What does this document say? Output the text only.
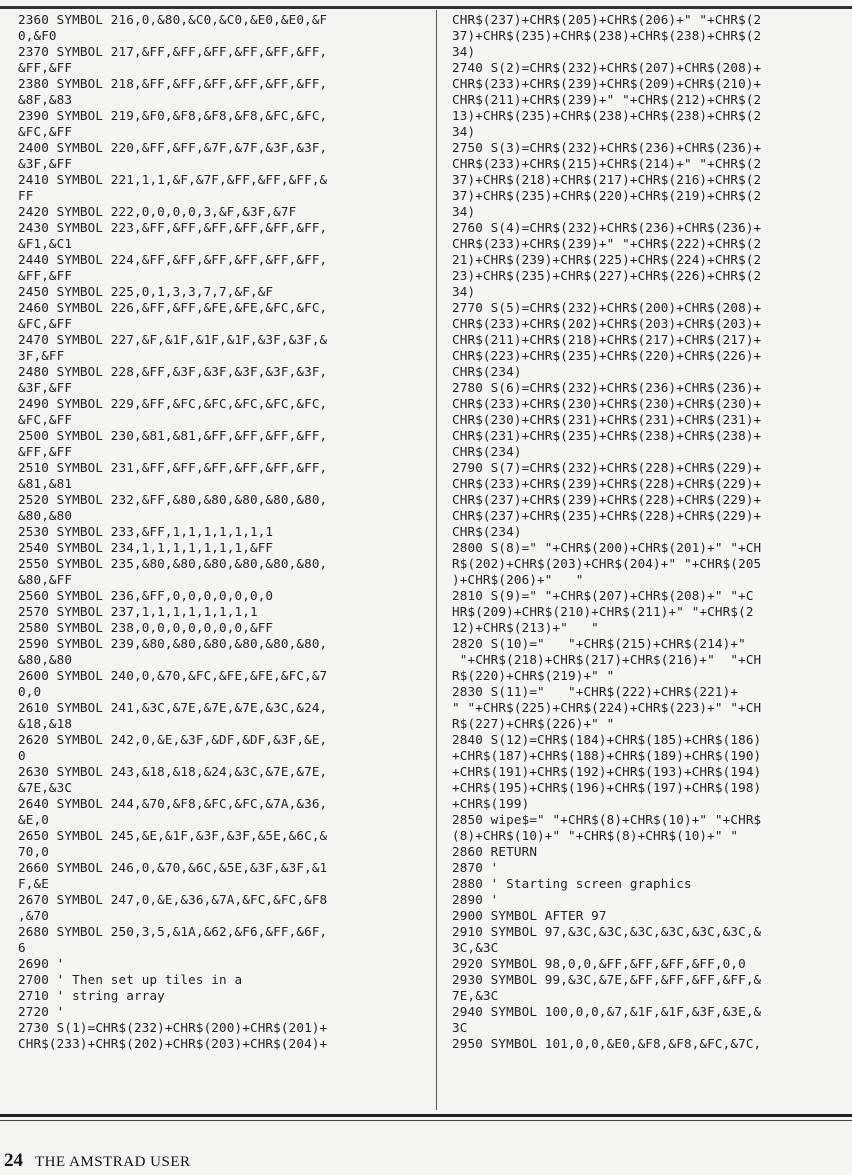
2360 SYMBOL 216,0,&80,&C0,&C0,&E0,&E0,&F
0,&F0
2370 SYMBOL 217,&FF,&FF,&FF,&FF,&FF,&FF,
&FF,&FF
2380 SYMBOL 218,&FF,&FF,&FF,&FF,&FF,&FF,
&8F,&83
2390 SYMBOL 219,&F0,&F8,&F8,&F8,&FC,&FC,
&FC,&FF
2400 SYMBOL 220,&FF,&FF,&7F,&7F,&3F,&3F,
&3F,&FF
2410 SYMBOL 221,1,1,&F,&7F,&FF,&FF,&FF,&
FF
2420 SYMBOL 222,0,0,0,0,3,&F,&3F,&7F
2430 SYMBOL 223,&FF,&FF,&FF,&FF,&FF,&FF,
&F1,&C1
2440 SYMBOL 224,&FF,&FF,&FF,&FF,&FF,&FF,
&FF,&FF
2450 SYMBOL 225,0,1,3,3,7,7,&F,&F
2460 SYMBOL 226,&FF,&FF,&FE,&FE,&FC,&FC,
&FC,&FF
2470 SYMBOL 227,&F,&1F,&1F,&1F,&3F,&3F,&
3F,&FF
2480 SYMBOL 228,&FF,&3F,&3F,&3F,&3F,&3F,
&3F,&FF
2490 SYMBOL 229,&FF,&FC,&FC,&FC,&FC,&FC,
&FC,&FF
2500 SYMBOL 230,&81,&81,&FF,&FF,&FF,&FF,
&FF,&FF
2510 SYMBOL 231,&FF,&FF,&FF,&FF,&FF,&FF,
&81,&81
2520 SYMBOL 232,&FF,&80,&80,&80,&80,&80,
&80,&80
2530 SYMBOL 233,&FF,1,1,1,1,1,1,1
2540 SYMBOL 234,1,1,1,1,1,1,1,&FF
2550 SYMBOL 235,&80,&80,&80,&80,&80,&80,
&80,&FF
2560 SYMBOL 236,&FF,0,0,0,0,0,0,0
2570 SYMBOL 237,1,1,1,1,1,1,1,1
2580 SYMBOL 238,0,0,0,0,0,0,0,&FF
2590 SYMBOL 239,&80,&80,&80,&80,&80,&80,
&80,&80
2600 SYMBOL 240,0,&70,&FC,&FE,&FE,&FC,&7
0,0
2610 SYMBOL 241,&3C,&7E,&7E,&7E,&3C,&24,
&18,&18
2620 SYMBOL 242,0,&E,&3F,&DF,&DF,&3F,&E,
0
2630 SYMBOL 243,&18,&18,&24,&3C,&7E,&7E,
&7E,&3C
2640 SYMBOL 244,&70,&F8,&FC,&FC,&7A,&36,
&E,0
2650 SYMBOL 245,&E,&1F,&3F,&3F,&5E,&6C,&
70,0
2660 SYMBOL 246,0,&70,&6C,&5E,&3F,&3F,&1
F,&E
2670 SYMBOL 247,0,&E,&36,&7A,&FC,&FC,&F8
,&70
2680 SYMBOL 250,3,5,&1A,&62,&F6,&FF,&6F,
6
2690 '
2700 ' Then set up tiles in a
2710 ' string array
2720 '
2730 S(1)=CHR$(232)+CHR$(200)+CHR$(201)+
CHR$(233)+CHR$(202)+CHR$(203)+CHR$(204)+
CHR$(237)+CHR$(205)+CHR$(206)+" "+CHR$(2
37)+CHR$(235)+CHR$(238)+CHR$(238)+CHR$(2
34)
2740 S(2)=CHR$(232)+CHR$(207)+CHR$(208)+
CHR$(233)+CHR$(239)+CHR$(209)+CHR$(210)+
CHR$(211)+CHR$(239)+" "+CHR$(212)+CHR$(2
13)+CHR$(235)+CHR$(238)+CHR$(238)+CHR$(2
34)
2750 S(3)=CHR$(232)+CHR$(236)+CHR$(236)+
CHR$(233)+CHR$(215)+CHR$(214)+" "+CHR$(2
37)+CHR$(218)+CHR$(217)+CHR$(216)+CHR$(2
37)+CHR$(235)+CHR$(220)+CHR$(219)+CHR$(2
34)
2760 S(4)=CHR$(232)+CHR$(236)+CHR$(236)+
CHR$(233)+CHR$(239)+" "+CHR$(222)+CHR$(2
21)+CHR$(239)+CHR$(225)+CHR$(224)+CHR$(2
23)+CHR$(235)+CHR$(227)+CHR$(226)+CHR$(2
34)
2770 S(5)=CHR$(232)+CHR$(200)+CHR$(208)+
CHR$(233)+CHR$(202)+CHR$(203)+CHR$(203)+
CHR$(211)+CHR$(218)+CHR$(217)+CHR$(217)+
CHR$(223)+CHR$(235)+CHR$(220)+CHR$(226)+
CHR$(234)
2780 S(6)=CHR$(232)+CHR$(236)+CHR$(236)+
CHR$(233)+CHR$(230)+CHR$(230)+CHR$(230)+
CHR$(230)+CHR$(231)+CHR$(231)+CHR$(231)+
CHR$(231)+CHR$(235)+CHR$(238)+CHR$(238)+
CHR$(234)
2790 S(7)=CHR$(232)+CHR$(228)+CHR$(229)+
CHR$(233)+CHR$(239)+CHR$(228)+CHR$(229)+
CHR$(237)+CHR$(239)+CHR$(228)+CHR$(229)+
CHR$(237)+CHR$(235)+CHR$(228)+CHR$(229)+
CHR$(234)
2800 S(8)=" "+CHR$(200)+CHR$(201)+" "+CH
R$(202)+CHR$(203)+CHR$(204)+" "+CHR$(205
)+CHR$(206)+"   "
2810 S(9)=" "+CHR$(207)+CHR$(208)+" "+C
HR$(209)+CHR$(210)+CHR$(211)+" "+CHR$(2
12)+CHR$(213)+"   "
2820 S(10)="   "+CHR$(215)+CHR$(214)+"
"+CHR$(218)+CHR$(217)+CHR$(216)+"  "+CH
R$(220)+CHR$(219)+" "
2830 S(11)="   "+CHR$(222)+CHR$(221)+
" "+CHR$(225)+CHR$(224)+CHR$(223)+" "+CH
R$(227)+CHR$(226)+" "
2840 S(12)=CHR$(184)+CHR$(185)+CHR$(186)
+CHR$(187)+CHR$(188)+CHR$(189)+CHR$(190)
+CHR$(191)+CHR$(192)+CHR$(193)+CHR$(194)
+CHR$(195)+CHR$(196)+CHR$(197)+CHR$(198)
+CHR$(199)
2850 wipe$=" "+CHR$(8)+CHR$(10)+" "+CHR$
(8)+CHR$(10)+" "+CHR$(8)+CHR$(10)+" "
2860 RETURN
2870 '
2880 ' Starting screen graphics
2890 '
2900 SYMBOL AFTER 97
2910 SYMBOL 97,&3C,&3C,&3C,&3C,&3C,&3C,&
3C,&3C
2920 SYMBOL 98,0,0,&FF,&FF,&FF,&FF,0,0
2930 SYMBOL 99,&3C,&7E,&FF,&FF,&FF,&FF,&
7E,&3C
2940 SYMBOL 100,0,0,&7,&1F,&1F,&3F,&3E,&
3C
2950 SYMBOL 101,0,0,&E0,&F8,&F8,&FC,&7C,
24 THE AMSTRAD USER
